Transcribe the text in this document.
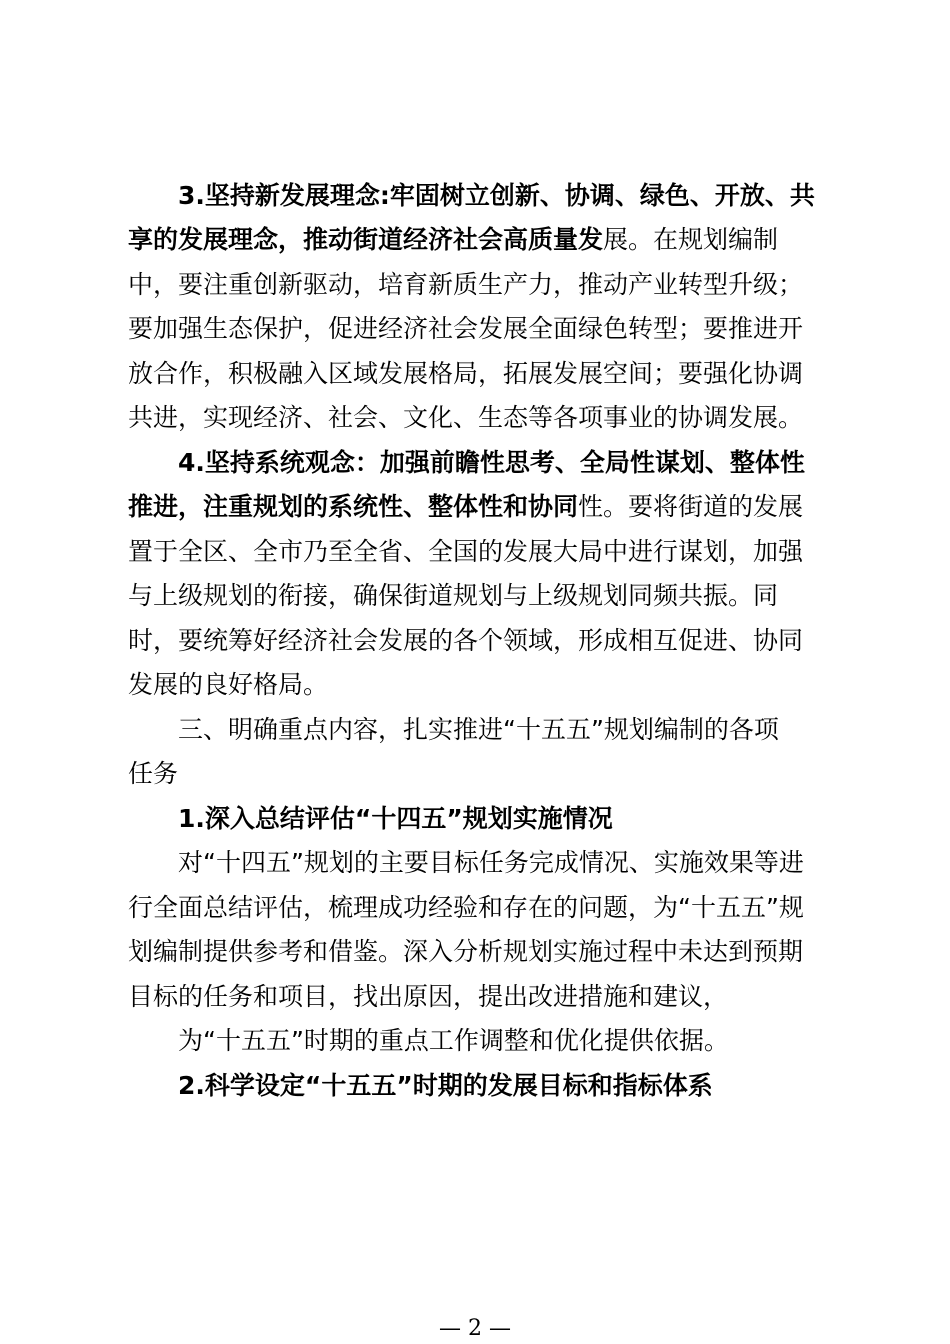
3.坚持新发展理念:牢固树立创新、协调、绿色、开放、共
享的发展理念，推动街道经济社会高质量发展。在规划编制
中，要注重创新驱动，培育新质生产力，推动产业转型升级；
要加强生态保护，促进经济社会发展全面绿色转型；要推进开
放合作，积极融入区域发展格局，拓展发展空间；要强化协调
共进，实现经济、社会、文化、生态等各项事业的协调发展。
4.坚持系统观念：加强前瞻性思考、全局性谋划、整体性
推进，注重规划的系统性、整体性和协同性。要将街道的发展
置于全区、全市乃至全省、全国的发展大局中进行谋划，加强
与上级规划的衔接，确保街道规划与上级规划同频共振。同
时，要统筹好经济社会发展的各个领域，形成相互促进、协同
发展的良好格局。
三、明确重点内容，扎实推进“十五五”规划编制的各项
任务
1.深入总结评估“十四五”规划实施情况
对“十四五”规划的主要目标任务完成情况、实施效果等进
行全面总结评估，梳理成功经验和存在的问题，为“十五五”规
划编制提供参考和借鉴。深入分析规划实施过程中未达到预期
目标的任务和项目，找出原因，提出改进措施和建议，
为“十五五”时期的重点工作调整和优化提供依据。
2.科学设定“十五五”时期的发展目标和指标体系
— 2 —
